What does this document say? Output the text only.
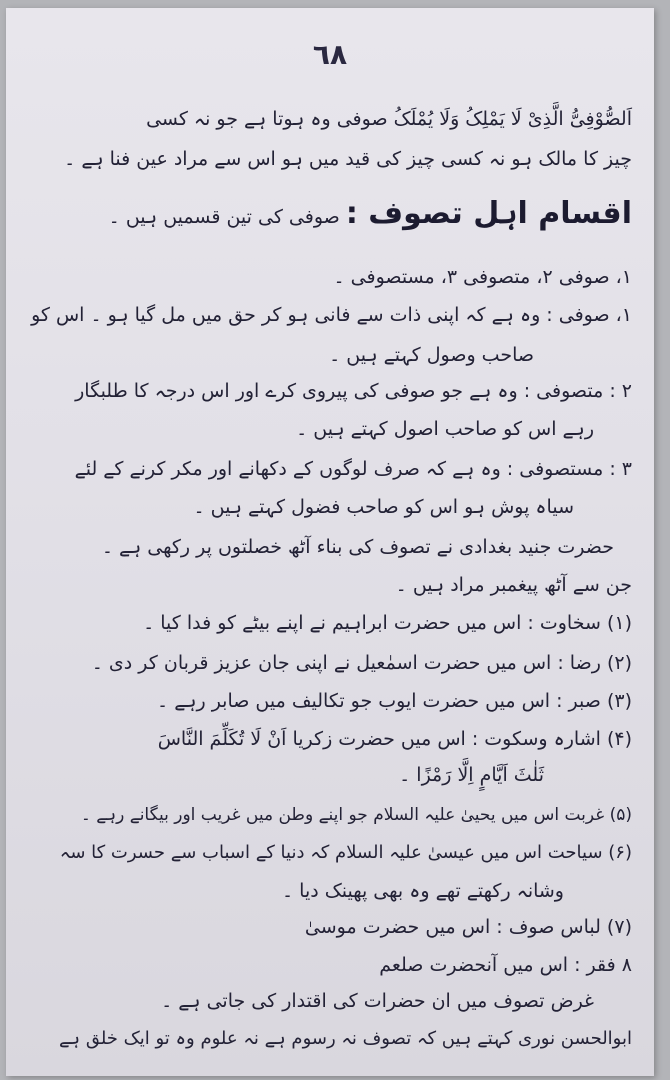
٦٨
اَلصُّوْفِیُّ الَّذِیْ لَا یَمْلِکُ وَلَا یُمْلَکُ صوفی وہ ہوتا ہے جو نہ کسی
چیز کا مالک ہو نہ کسی چیز کی قید میں ہو اس سے مراد عین فنا ہے ۔
اقسام اہل تصوف : صوفی کی تین قسمیں ہیں ۔
۱، صوفی ۲، متصوفی ۳، مستصوفی ۔
۱، صوفی : وہ ہے کہ اپنی ذات سے فانی ہو کر حق میں مل گیا ہو ۔ اس کو
صاحب وصول کہتے ہیں ۔
۲ : متصوفی : وہ ہے جو صوفی کی پیروی کرے اور اس درجہ کا طلبگار
رہے اس کو صاحب اصول کہتے ہیں ۔
۳ : مستصوفی : وہ ہے کہ صرف لوگوں کے دکھانے اور مکر کرنے کے لئے
سیاہ پوش ہو اس کو صاحب فضول کہتے ہیں ۔
حضرت جنید بغدادی نے تصوف کی بناء آٹھ خصلتوں پر رکھی ہے ۔
جن سے آٹھ پیغمبر مراد ہیں ۔
(۱) سخاوت : اس میں حضرت ابراہیم نے اپنے بیٹے کو فدا کیا ۔
(۲) رضا : اس میں حضرت اسمٰعیل نے اپنی جان عزیز قربان کر دی ۔
(۳) صبر : اس میں حضرت ایوب جو تکالیف میں صابر رہے ۔
(۴) اشارہ وسکوت : اس میں حضرت زکریا اَنْ لَا تُکَلِّمَ النَّاسَ
ثَلٰثَ اَیَّامٍ اِلَّا رَمْزًا ۔
(۵) غربت اس میں یحییٰ علیہ السلام جو اپنے وطن میں غریب اور بیگانے رہے ۔
(۶) سیاحت اس میں عیسیٰ علیہ السلام کہ دنیا کے اسباب سے حسرت کا سہ
وشانہ رکھتے تھے وہ بھی پھینک دیا ۔
(۷) لباس صوف : اس میں حضرت موسیٰ
۸ فقر : اس میں آنحضرت صلعم
غرض تصوف میں ان حضرات کی اقتدار کی جاتی ہے ۔
ابوالحسن نوری کہتے ہیں کہ تصوف نہ رسوم ہے نہ علوم وہ تو ایک خلق ہے
